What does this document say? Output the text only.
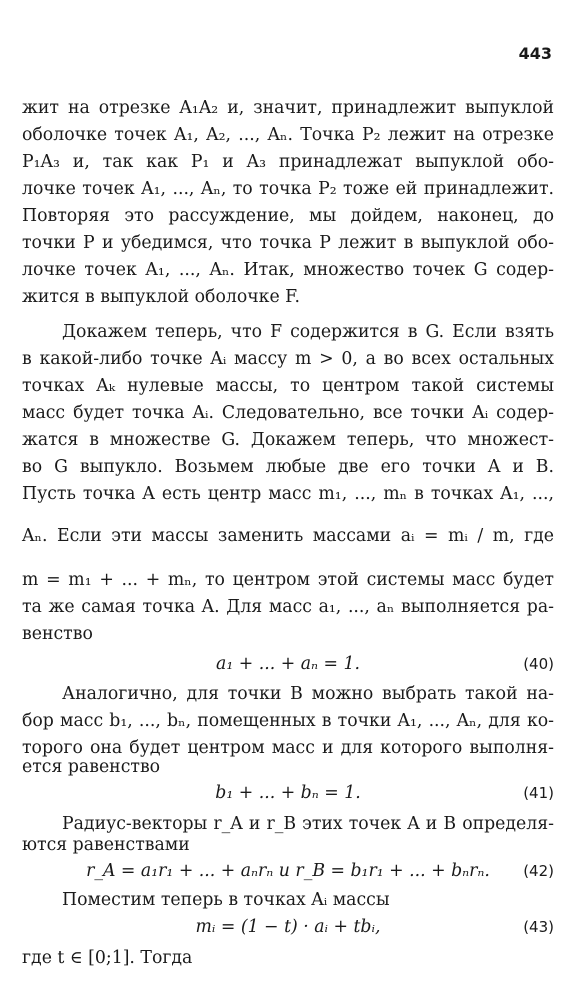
443
жит на отрезке A₁A₂ и, значит, принадлежит выпуклой
оболочке точек A₁, A₂, ..., Aₙ. Точка P₂ лежит на отрезке
P₁A₃ и, так как P₁ и A₃ принадлежат выпуклой обо-
лочке точек A₁, ..., Aₙ, то точка P₂ тоже ей принадлежит.
Повторяя это рассуждение, мы дойдем, наконец, до
точки P и убедимся, что точка P лежит в выпуклой обо-
лочке точек A₁, ..., Aₙ. Итак, множество точек G содер-
жится в выпуклой оболочке F.
Докажем теперь, что F содержится в G. Если взять
в какой-либо точке Aᵢ массу m > 0, а во всех остальных
точках Aₖ нулевые массы, то центром такой системы
масс будет точка Aᵢ. Следовательно, все точки Aᵢ содер-
жатся в множестве G. Докажем теперь, что множест-
во G выпукло. Возьмем любые две его точки A и B.
Пусть точка A есть центр масс m₁, ..., mₙ в точках A₁, ...,
Aₙ. Если эти массы заменить массами aᵢ = mᵢ / m, где
m = m₁ + ... + mₙ, то центром этой системы масс будет
та же самая точка A. Для масс a₁, ..., aₙ выполняется ра-
венство
a₁ + ... + aₙ = 1.	(40)
Аналогично, для точки B можно выбрать такой на-
бор масс b₁, ..., bₙ, помещенных в точки A₁, ..., Aₙ, для ко-
торого она будет центром масс и для которого выполня-
ется равенство
b₁ + ... + bₙ = 1.	(41)
Радиус-векторы r_A и r_B этих точек A и B определя-
ются равенствами
r_A = a₁r₁ + ... + aₙrₙ и r_B = b₁r₁ + ... + bₙrₙ.	(42)
Поместим теперь в точках Aᵢ массы
mᵢ = (1 − t) · aᵢ + tbᵢ,	(43)
где t ∈ [0;1]. Тогда
